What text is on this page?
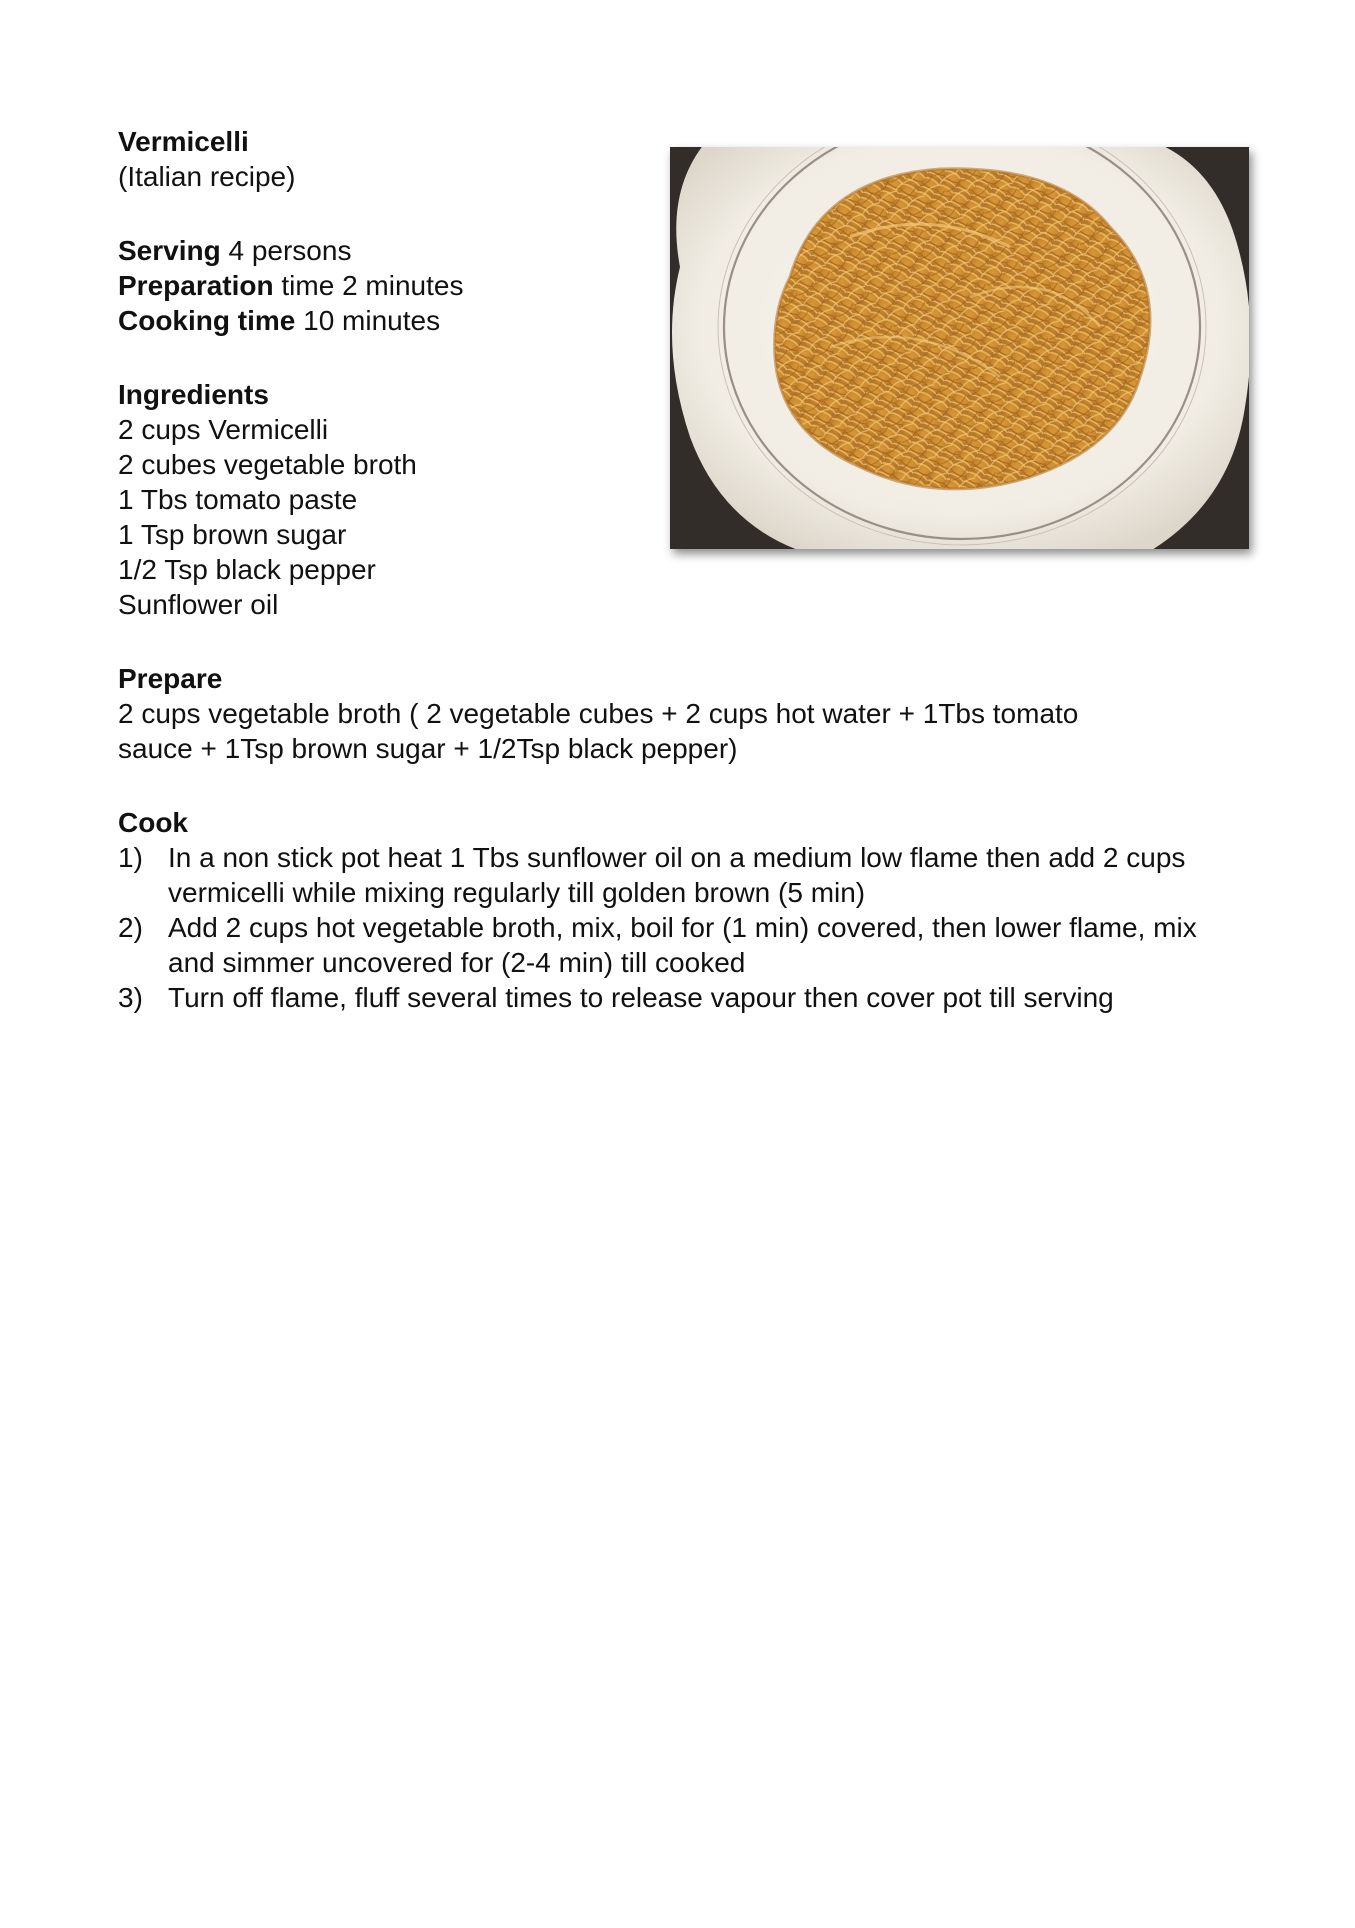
Vermicelli
(Italian recipe)
Serving 4 persons
Preparation time 2 minutes
Cooking time 10 minutes
Ingredients
2 cups Vermicelli
2 cubes vegetable broth
1 Tbs tomato paste
1 Tsp brown sugar
1/2 Tsp black pepper
Sunflower oil
Prepare
2 cups vegetable broth ( 2 vegetable cubes + 2 cups hot water + 1Tbs tomato
sauce + 1Tsp brown sugar + 1/2Tsp black pepper)
Cook
1) In a non stick pot heat 1 Tbs sunflower oil on a medium low flame then add 2 cups vermicelli while mixing regularly till golden brown (5 min)
2) Add 2 cups hot vegetable broth, mix, boil for (1 min) covered, then lower flame, mix and simmer uncovered for (2-4 min) till cooked
3) Turn off flame, fluff several times to release vapour then cover pot till serving
